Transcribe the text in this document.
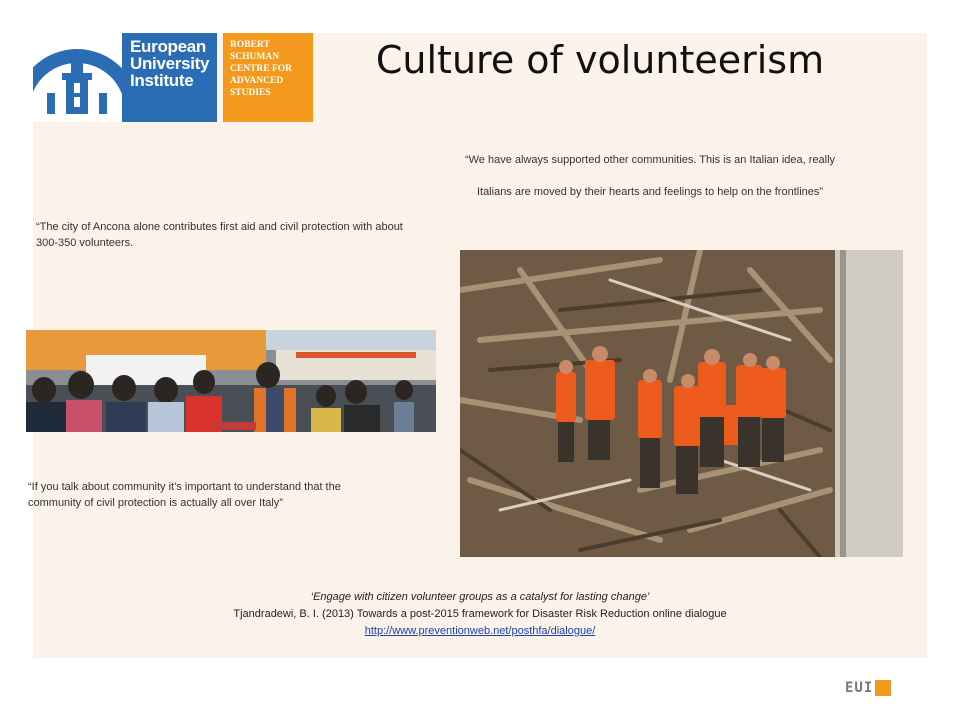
European
University
Institute
ROBERT
SCHUMAN
CENTRE FOR
ADVANCED
STUDIES
Culture of volunteerism
“We have always supported other communities. This is an Italian idea, really
Italians are moved by their hearts and feelings to help on the frontlines”
“The city of Ancona alone contributes first aid and civil protection with about 300-350 volunteers.
“If you talk about community it’s important to understand that the community of civil protection is actually all over Italy”
‘Engage with citizen volunteer groups as a catalyst for lasting change’
Tjandradewi, B. I. (2013) Towards a post-2015 framework for Disaster Risk Reduction online dialogue
http://www.preventionweb.net/posthfa/dialogue/
EUI
